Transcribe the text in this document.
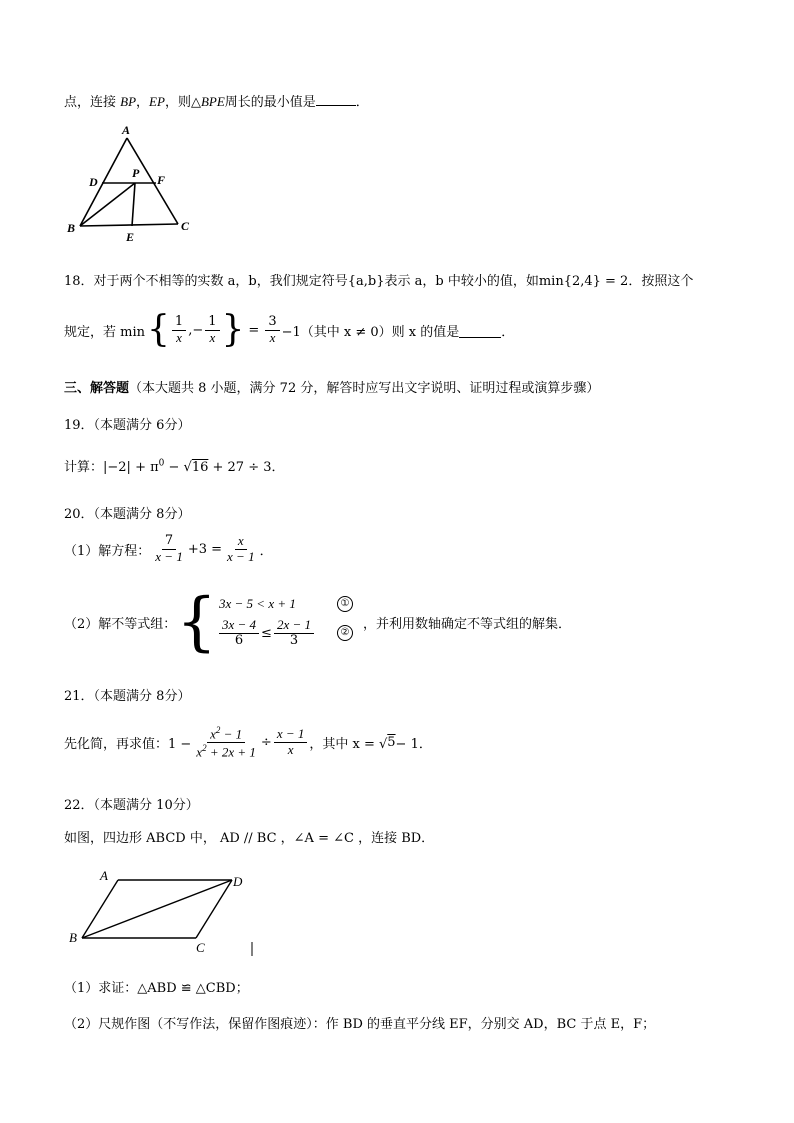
点，连接 BP，EP，则△BPE周长的最小值是	．
A
D
P F
B
E
C
18．对于两个不相等的实数 a，b，我们规定符号{a,b}表示 a，b 中较小的值，如min{2,4} = 2．按照这个
规定，若 min { $\frac{1}{x}$ ,− $\frac{1}{x}$ } = $\frac{3}{x} -1$（其中 x ≠ 0）则 x 的值是	．
三、解答题（本大题共 8 小题，满分 72 分，解答时应写出文字说明、证明过程或演算步骤）
19．（本题满分 6分）
计算：$|-2| + \pi^0 - √16 + 27 \div 3$．
20．（本题满分 8分）
（1）解方程： $\frac{7}{x - 1} +3 = \frac{x}{x - 1}$ ．
（2）解不等式组： { 3x − 5 < x + 1	①
$\frac{3x - 4}{6} \le \frac{2x - 1}{3}$	②
，并利用数轴确定不等式组的解集．
21．（本题满分 8分）
先化简，再求值：$1 - \frac{x^2 - 1}{x^2 + 2x + 1} \div \frac{x - 1}{x}$ ，其中 x = √ 5 − 1．
22．（本题满分 10分）
如图，四边形 ABCD 中， AD // BC ，∠A = ∠C ，连接 BD．
A	D
B
C
（1）求证：△ABD ≌ △CBD；
（2）尺规作图（不写作法，保留作图痕迹）：作 BD 的垂直平分线 EF，分别交 AD，BC 于点 E，F；
